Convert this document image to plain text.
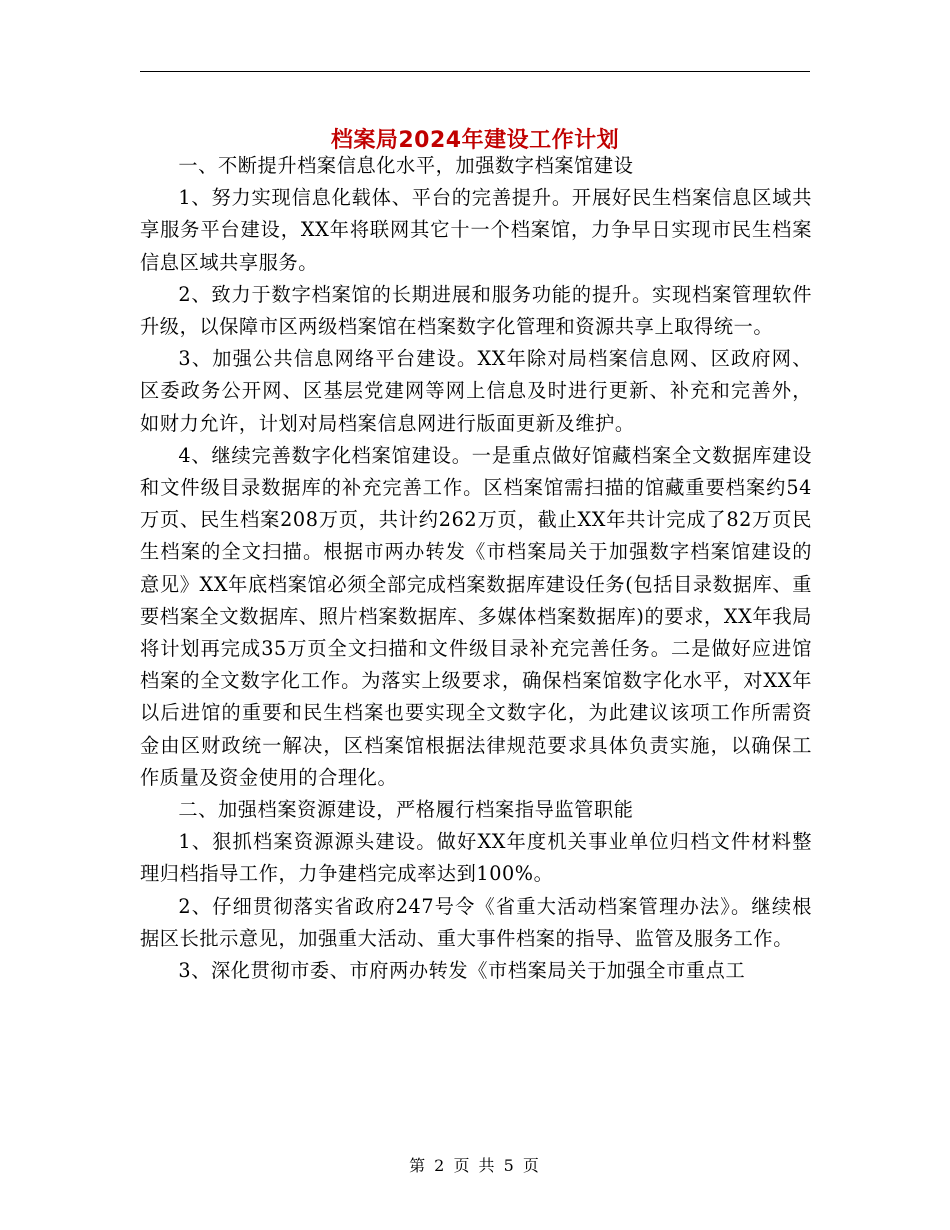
档案局2024年建设工作计划

一、不断提升档案信息化水平，加强数字档案馆建设

1、努力实现信息化载体、平台的完善提升。开展好民生档案信息区域共享服务平台建设，XX年将联网其它十一个档案馆，力争早日实现市民生档案信息区域共享服务。

2、致力于数字档案馆的长期进展和服务功能的提升。实现档案管理软件升级，以保障市区两级档案馆在档案数字化管理和资源共享上取得统一。

3、加强公共信息网络平台建设。XX年除对局档案信息网、区政府网、区委政务公开网、区基层党建网等网上信息及时进行更新、补充和完善外，如财力允许，计划对局档案信息网进行版面更新及维护。

4、继续完善数字化档案馆建设。一是重点做好馆藏档案全文数据库建设和文件级目录数据库的补充完善工作。区档案馆需扫描的馆藏重要档案约54万页、民生档案208万页，共计约262万页，截止XX年共计完成了82万页民生档案的全文扫描。根据市两办转发《市档案局关于加强数字档案馆建设的意见》XX年底档案馆必须全部完成档案数据库建设任务(包括目录数据库、重要档案全文数据库、照片档案数据库、多媒体档案数据库)的要求，XX年我局将计划再完成35万页全文扫描和文件级目录补充完善任务。二是做好应进馆档案的全文数字化工作。为落实上级要求，确保档案馆数字化水平，对XX年以后进馆的重要和民生档案也要实现全文数字化，为此建议该项工作所需资金由区财政统一解决，区档案馆根据法律规范要求具体负责实施，以确保工作质量及资金使用的合理化。

二、加强档案资源建设，严格履行档案指导监管职能

1、狠抓档案资源源头建设。做好XX年度机关事业单位归档文件材料整理归档指导工作，力争建档完成率达到100%。

2、仔细贯彻落实省政府247号令《省重大活动档案管理办法》。继续根据区长批示意见，加强重大活动、重大事件档案的指导、监管及服务工作。

3、深化贯彻市委、市府两办转发《市档案局关于加强全市重点工

第 2 页 共 5 页
